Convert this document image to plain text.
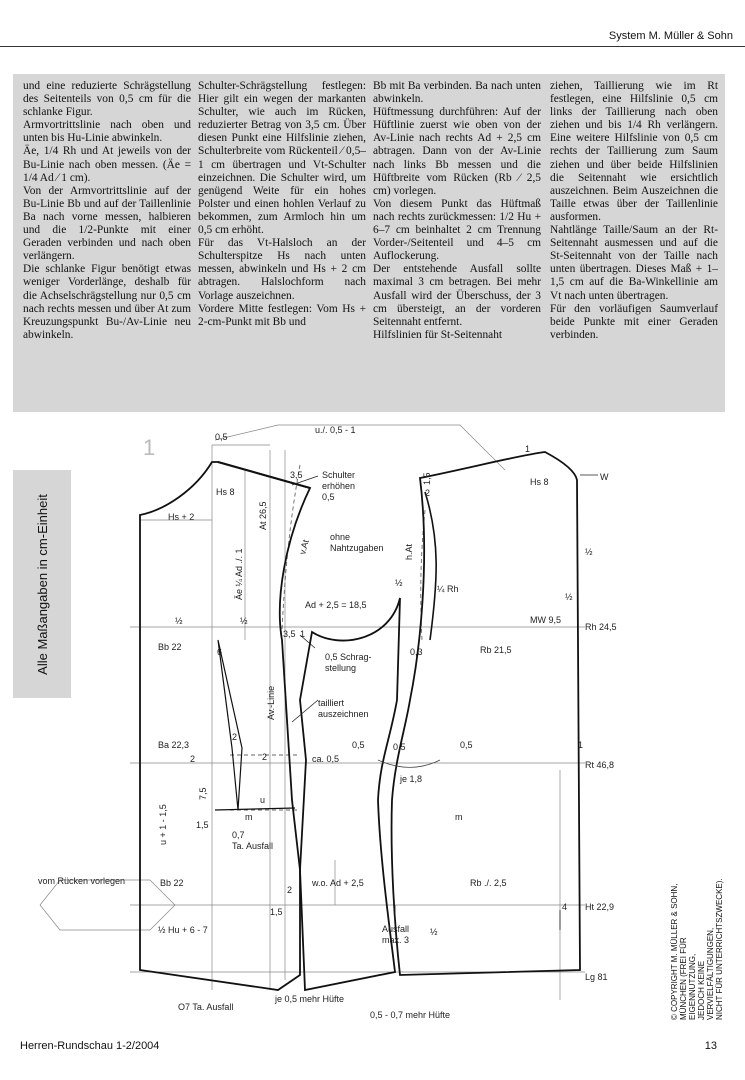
System M. Müller & Sohn
und eine reduzierte Schrägstellung des Seitenteils von 0,5 cm für die schlanke Figur.
Armvortrittslinie nach oben und unten bis Hu-Linie abwinkeln.
Äe, 1/4 Rh und At jeweils von der Bu-Linie nach oben messen. (Äe = 1/4 Ad ⁄ 1 cm).
Von der Armvortrittslinie auf der Bu-Linie Bb und auf der Taillenlinie Ba nach vorne messen, halbieren und die 1/2-Punkte mit einer Geraden verbinden und nach oben verlängern.
Die schlanke Figur benötigt etwas weniger Vorderlänge, deshalb für die Achselschrägstellung nur 0,5 cm nach rechts messen und über At zum Kreuzungspunkt Bu-/Av-Linie neu abwinkeln.
Schulter-Schrägstellung festlegen: Hier gilt ein wegen der markanten Schulter, wie auch im Rücken, reduzierter Betrag von 3,5 cm. Über diesen Punkt eine Hilfslinie ziehen, Schulterbreite vom Rückenteil ⁄ 0,5–1 cm übertragen und Vt-Schulter einzeichnen. Die Schulter wird, um genügend Weite für ein hohes Polster und einen hohlen Verlauf zu bekommen, zum Armloch hin um 0,5 cm erhöht.
Für das Vt-Halsloch an der Schulterspitze Hs nach unten messen, abwinkeln und Hs + 2 cm abtragen. Halslochform nach Vorlage auszeichnen.
Vordere Mitte festlegen: Vom Hs + 2-cm-Punkt mit Bb und
Bb mit Ba verbinden. Ba nach unten abwinkeln.
Hüftmessung durchführen: Auf der Hüftlinie zuerst wie oben von der Av-Linie nach rechts Ad + 2,5 cm abtragen. Dann von der Av-Linie nach links Bb messen und die Hüftbreite vom Rücken (Rb ⁄ 2,5 cm) vorlegen.
Von diesem Punkt das Hüftmaß nach rechts zurückmessen: 1/2 Hu + 6–7 cm beinhaltet 2 cm Trennung Vorder-/Seitenteil und 4–5 cm Auflockerung.
Der entstehende Ausfall sollte maximal 3 cm betragen. Bei mehr Ausfall wird der Überschuss, der 3 cm übersteigt, an der vorderen Seitennaht entfernt.
Hilfslinien für St-Seitennaht
ziehen, Taillierung wie im Rt festlegen, eine Hilfslinie 0,5 cm links der Taillierung nach oben ziehen und bis 1/4 Rh verlängern. Eine weitere Hilfslinie von 0,5 cm rechts der Taillierung zum Saum ziehen und über beide Hilfslinien die Seitennaht wie ersichtlich auszeichnen. Beim Auszeichnen die Taille etwas über der Taillenlinie ausformen.
Nahtlänge Taille/Saum an der Rt-Seitennaht ausmessen und auf die St-Seitennaht von der Taille nach unten übertragen. Dieses Maß + 1–1,5 cm auf die Ba-Winkellinie am Vt nach unten übertragen.
Für den vorläufigen Saumverlauf beide Punkte mit einer Geraden verbinden.
Alle Maßangaben in cm-Einheit
1	0,5
u./. 0,5 - 1
3,5 Schulter
erhöhen
0,5
ohne
Nahtzugaben
Hs 8
Hs + 2	At 26,5
v.At
Äe ¼ Ad ./. 1
Ad + 2,5 = 18,5
½
½	½
½
Bb 22	6
3,5 1
0,5 Schrag-
stellung
Av.-Linie	tailliert
auszeichnen
Ba 22,3
2
2	2
7,5
u + 1 - 1,5	1,5
u
m
0,7
Ta. Ausfall
ca. 0,5
0,5	0,5	0,5
je 1,8
vom Rücken vorlegen	Bb 22	w.o. Ad + 2,5	Rb ./. 2,5
1,5
2
½ Hu + 6 - 7	Ausfall
max. 3
O7 Ta. Ausfall
je 0,5 mehr Hüfte
0,5 - 0,7 mehr Hüfte
1
W
1,5	Hs 8
2
h.At
¼ Rh
½
0,3
MW 9,5
Rh 24,5
Rb 21,5
1
Rt 46,8
m
4 Ht 22,9
Lg 81
½
© COPYRIGHT M. MÜLLER & SOHN,
MÜNCHEN (FREI FÜR EIGENNUTZUNG,
JEDOCH KEINE VERVIELFÄLTIGUNGEN,
NICHT FÜR UNTERRICHTSZWECKE).
Herren-Rundschau 1-2/2004	13
